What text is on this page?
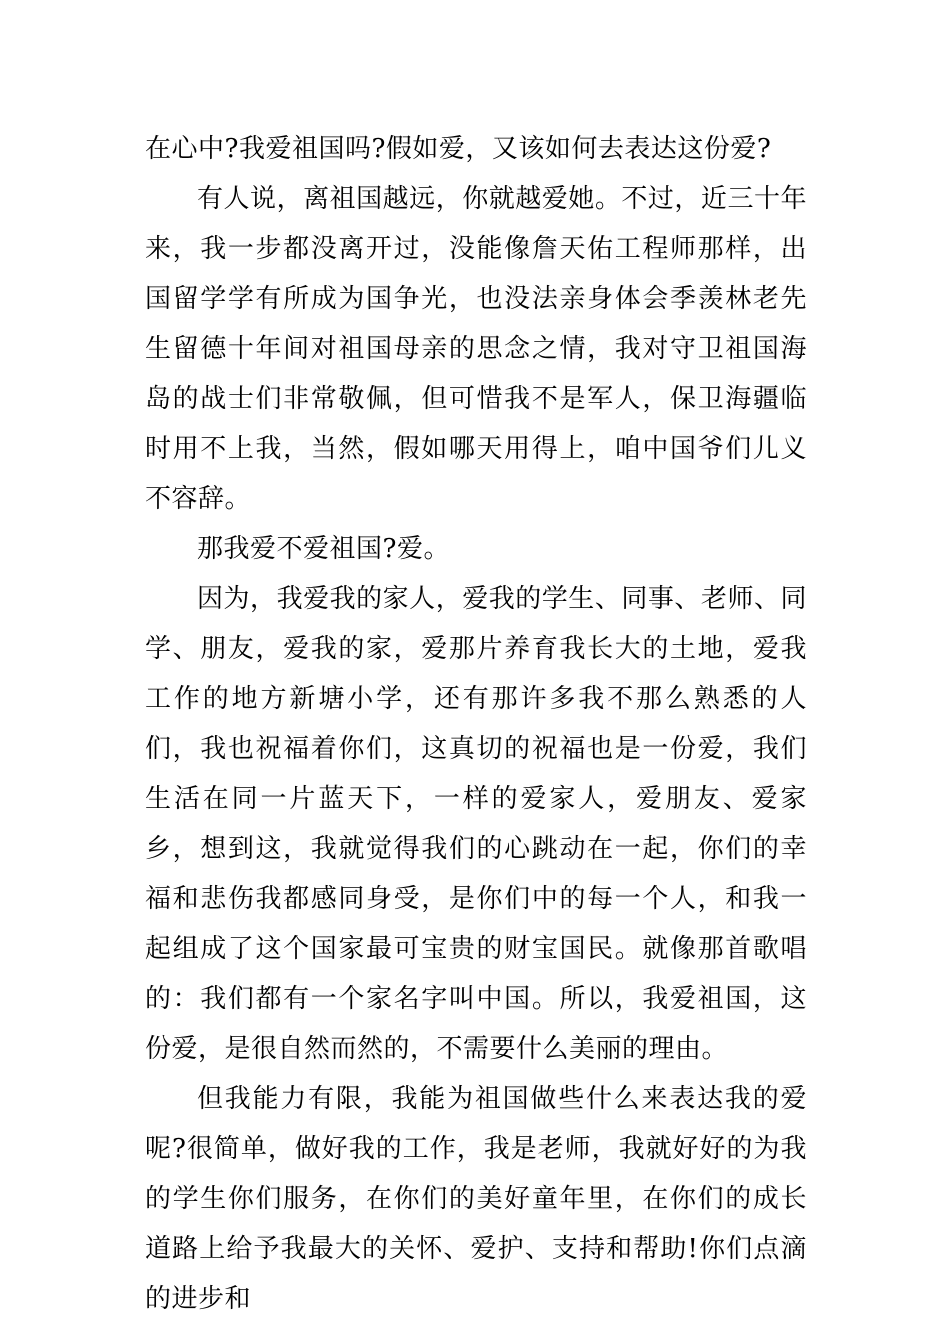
在心中?我爱祖国吗?假如爱，又该如何去表达这份爱?

有人说，离祖国越远，你就越爱她。不过，近三十年来，我一步都没离开过，没能像詹天佑工程师那样，出国留学学有所成为国争光，也没法亲身体会季羡林老先生留德十年间对祖国母亲的思念之情，我对守卫祖国海岛的战士们非常敬佩，但可惜我不是军人，保卫海疆临时用不上我，当然，假如哪天用得上，咱中国爷们儿义不容辞。

那我爱不爱祖国?爱。

因为，我爱我的家人，爱我的学生、同事、老师、同学、朋友，爱我的家，爱那片养育我长大的土地，爱我工作的地方新塘小学，还有那许多我不那么熟悉的人们，我也祝福着你们，这真切的祝福也是一份爱，我们生活在同一片蓝天下，一样的爱家人，爱朋友、爱家乡，想到这，我就觉得我们的心跳动在一起，你们的幸福和悲伤我都感同身受，是你们中的每一个人，和我一起组成了这个国家最可宝贵的财宝国民。就像那首歌唱的：我们都有一个家名字叫中国。所以，我爱祖国，这份爱，是很自然而然的，不需要什么美丽的理由。

但我能力有限，我能为祖国做些什么来表达我的爱呢?很简单，做好我的工作，我是老师，我就好好的为我的学生你们服务，在你们的美好童年里，在你们的成长道路上给予我最大的关怀、爱护、支持和帮助!你们点滴的进步和
